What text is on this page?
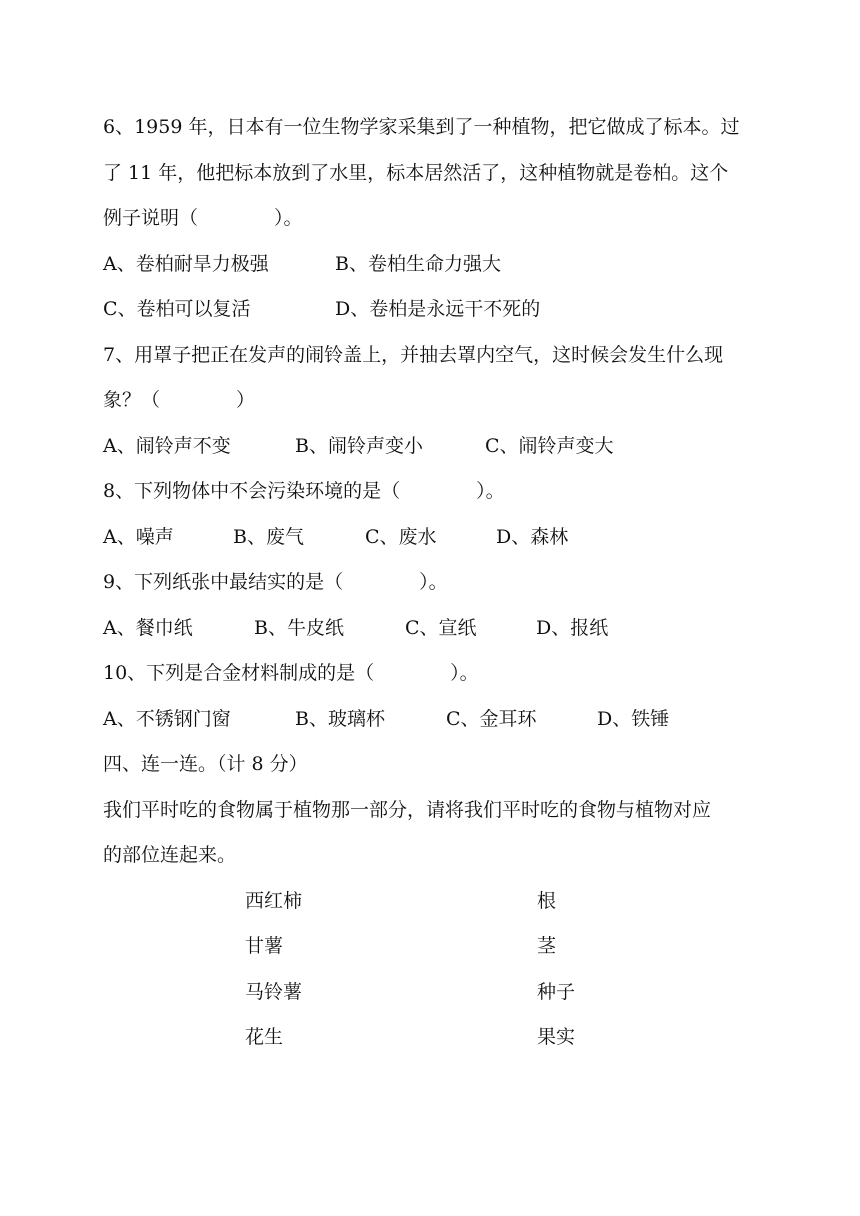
6、1959 年，日本有一位生物学家采集到了一种植物，把它做成了标本。过
了 11 年，他把标本放到了水里，标本居然活了，这种植物就是卷柏。这个
例子说明（　　　　）。
A、卷柏耐旱力极强	B、卷柏生命力强大
C、卷柏可以复活	D、卷柏是永远干不死的
7、用罩子把正在发声的闹铃盖上，并抽去罩内空气，这时候会发生什么现
象？（　　　　）
A、闹铃声不变	B、闹铃声变小	C、闹铃声变大
8、下列物体中不会污染环境的是（　　　　）。
A、噪声	B、废气	C、废水	D、森林
9、下列纸张中最结实的是（　　　　）。
A、餐巾纸	B、牛皮纸	C、宣纸	D、报纸
10、下列是合金材料制成的是（　　　　）。
A、不锈钢门窗	B、玻璃杯	C、金耳环	D、铁锤
四、连一连。（计 8 分）
我们平时吃的食物属于植物那一部分，请将我们平时吃的食物与植物对应
的部位连起来。
西红柿
甘薯
马铃薯
花生
根
茎
种子
果实
